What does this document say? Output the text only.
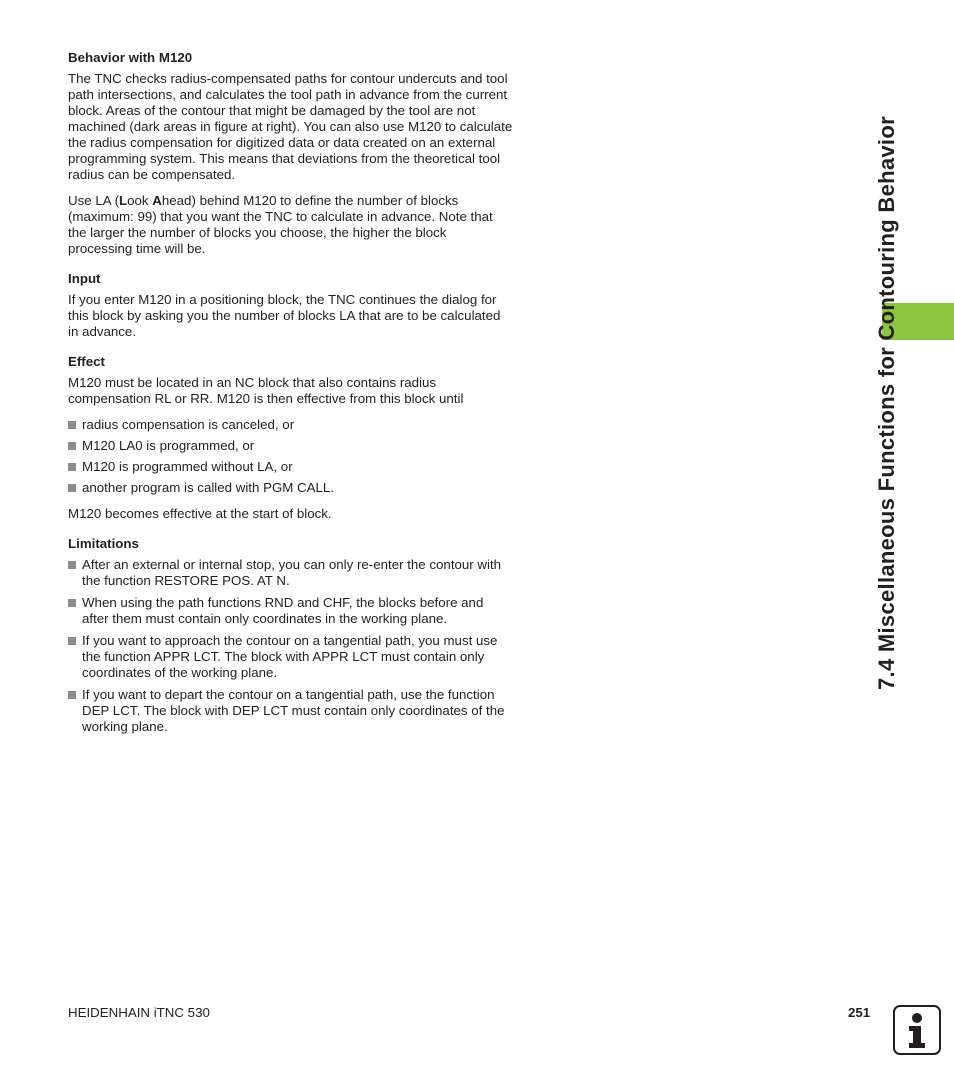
7.4 Miscellaneous Functions for Contouring Behavior
Behavior with M120

The TNC checks radius-compensated paths for contour undercuts and tool path intersections, and calculates the tool path in advance from the current block. Areas of the contour that might be damaged by the tool are not machined (dark areas in figure at right). You can also use M120 to calculate the radius compensation for digitized data or data created on an external programming system. This means that deviations from the theoretical tool radius can be compensated.

Use LA (Look Ahead) behind M120 to define the number of blocks (maximum: 99) that you want the TNC to calculate in advance. Note that the larger the number of blocks you choose, the higher the block processing time will be.

Input

If you enter M120 in a positioning block, the TNC continues the dialog for this block by asking you the number of blocks LA that are to be calculated in advance.

Effect

M120 must be located in an NC block that also contains radius compensation RL or RR. M120 is then effective from this block until

radius compensation is canceled, or
M120 LA0 is programmed, or
M120 is programmed without LA, or
another program is called with PGM CALL.

M120 becomes effective at the start of block.

Limitations
After an external or internal stop, you can only re-enter the contour with the function RESTORE POS. AT N.
When using the path functions RND and CHF, the blocks before and after them must contain only coordinates in the working plane.
If you want to approach the contour on a tangential path, you must use the function APPR LCT. The block with APPR LCT must contain only coordinates of the working plane.
If you want to depart the contour on a tangential path, use the function DEP LCT. The block with DEP LCT must contain only coordinates of the working plane.
HEIDENHAIN iTNC 530	251
